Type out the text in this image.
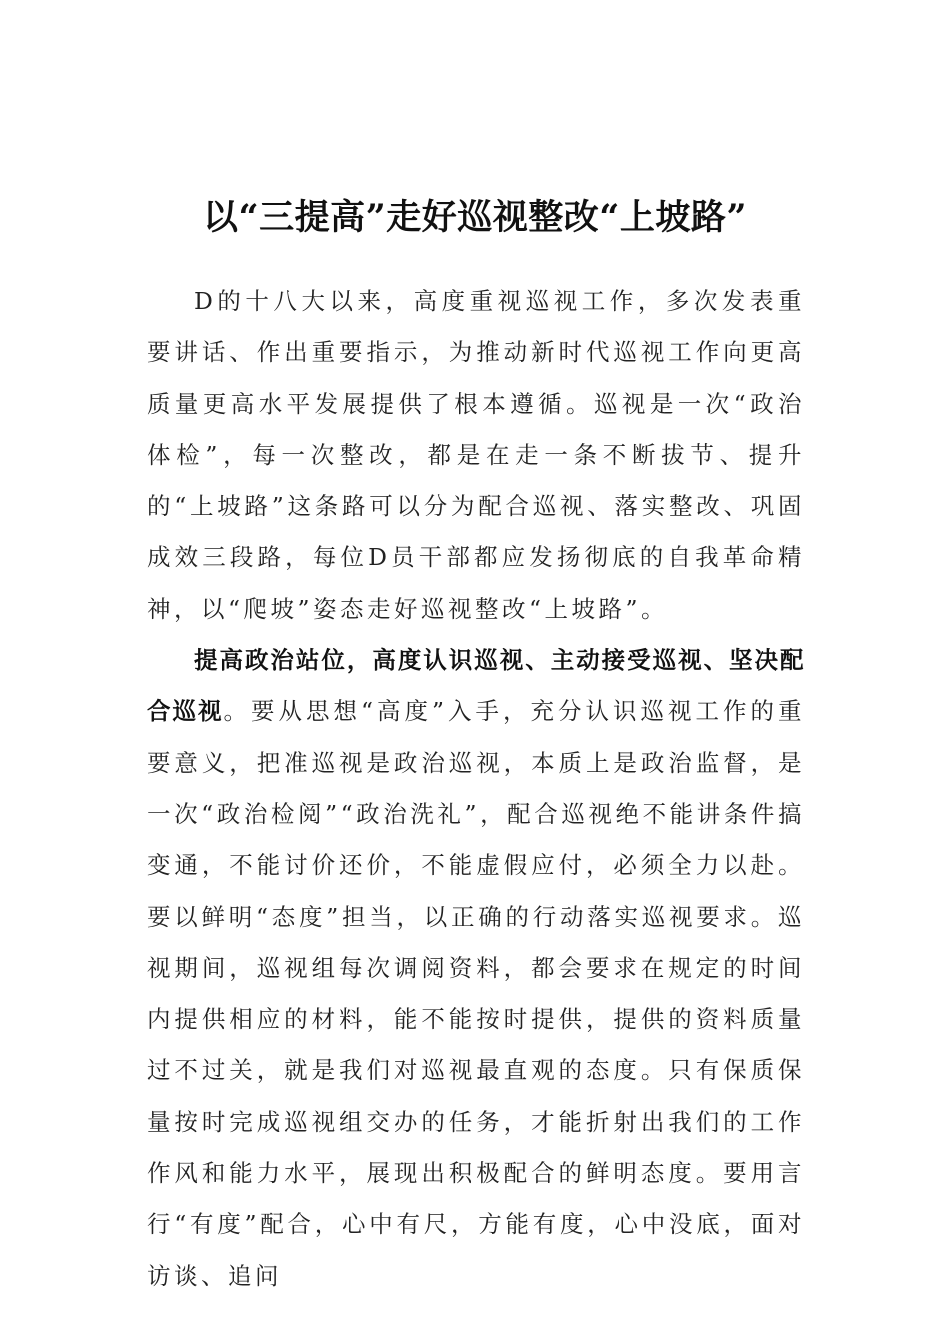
以“三提高”走好巡视整改“上坡路”

D的十八大以来，高度重视巡视工作，多次发表重要讲话、作出重要指示，为推动新时代巡视工作向更高质量更高水平发展提供了根本遵循。巡视是一次“政治体检”，每一次整改，都是在走一条不断拔节、提升的“上坡路”这条路可以分为配合巡视、落实整改、巩固成效三段路，每位D员干部都应发扬彻底的自我革命精神，以“爬坡”姿态走好巡视整改“上坡路”。

提高政治站位，高度认识巡视、主动接受巡视、坚决配合巡视。要从思想“高度”入手，充分认识巡视工作的重要意义，把准巡视是政治巡视，本质上是政治监督，是一次“政治检阅”“政治洗礼”，配合巡视绝不能讲条件搞变通，不能讨价还价，不能虚假应付，必须全力以赴。要以鲜明“态度”担当，以正确的行动落实巡视要求。巡视期间，巡视组每次调阅资料，都会要求在规定的时间内提供相应的材料，能不能按时提供，提供的资料质量过不过关，就是我们对巡视最直观的态度。只有保质保量按时完成巡视组交办的任务，才能折射出我们的工作作风和能力水平，展现出积极配合的鲜明态度。要用言行“有度”配合，心中有尺，方能有度，心中没底，面对访谈、追问
